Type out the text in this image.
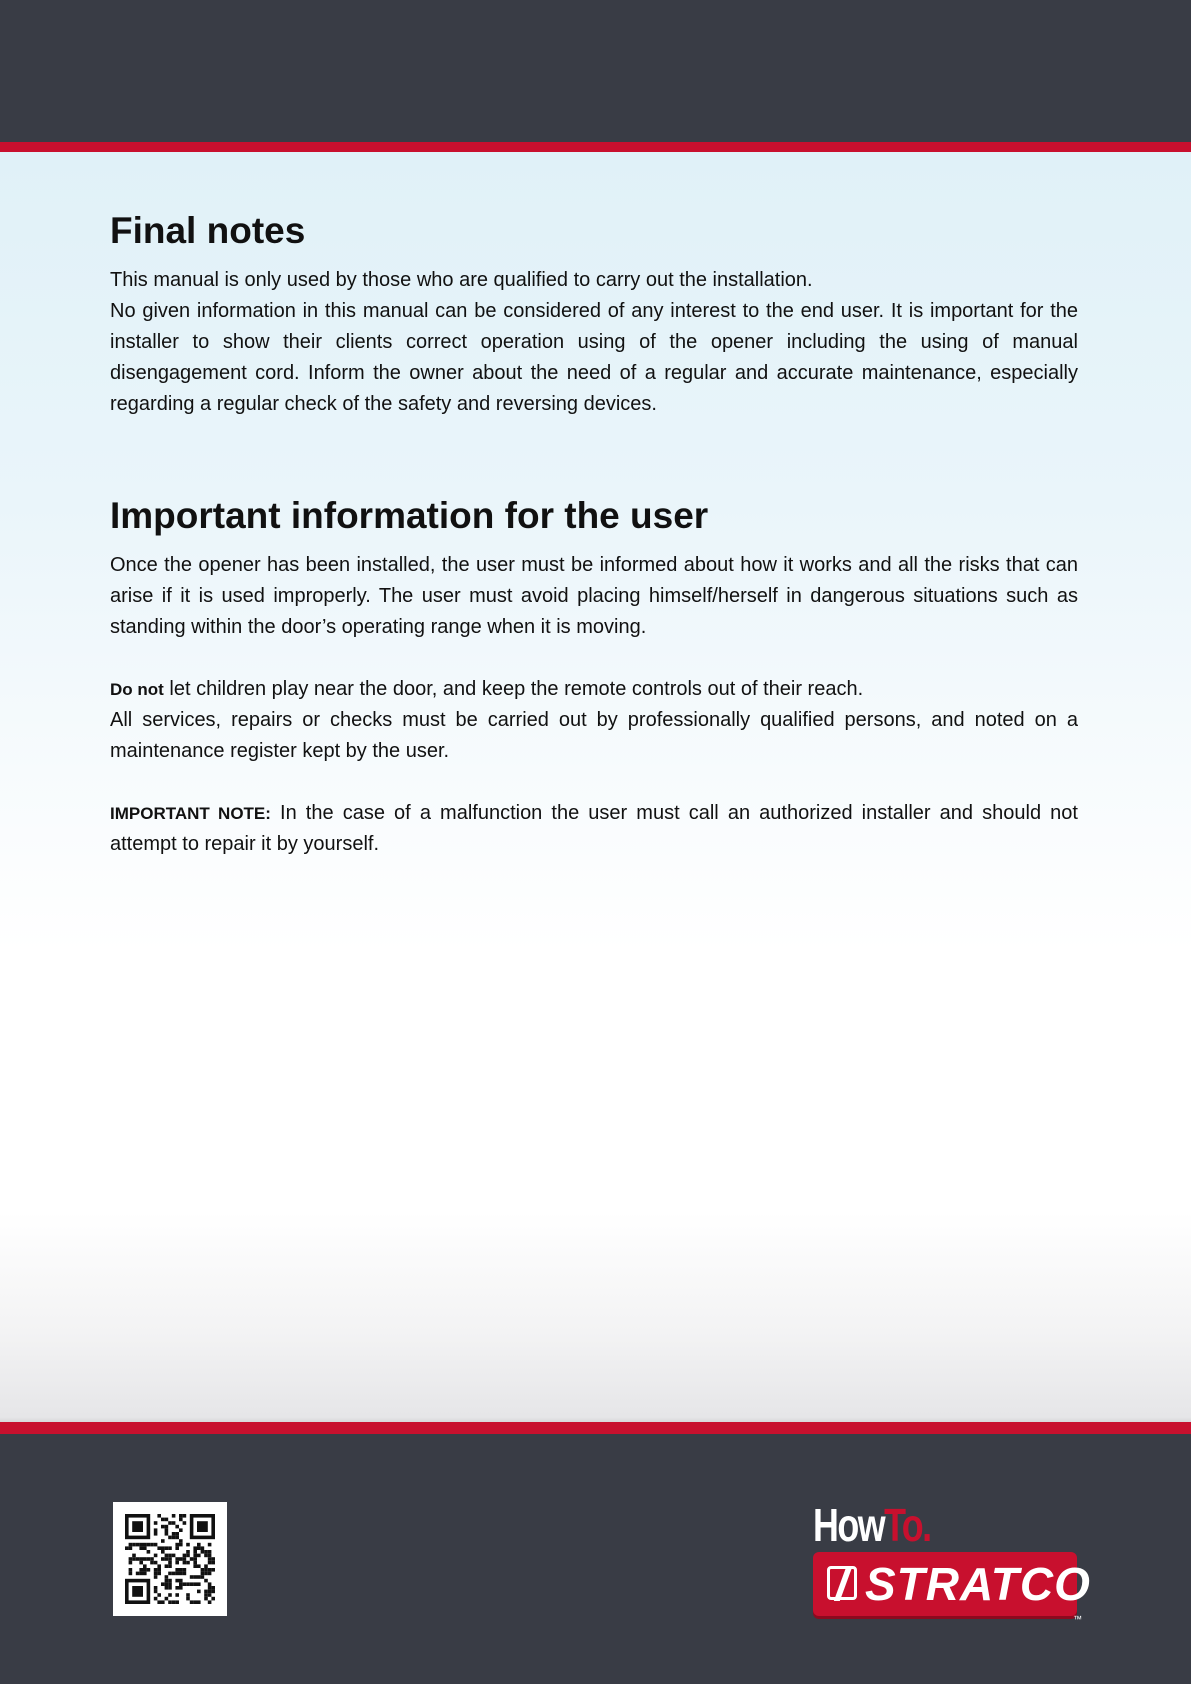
Final notes

This manual is only used by those who are qualified to carry out the installation.

No given information in this manual can be considered of any interest to the end user. It is important for the installer to show their clients correct operation using of the opener including the using of manual disengagement cord. Inform the owner about the need of a regular and accurate maintenance, especially regarding a regular check of the safety and reversing devices.

Important information for the user

Once the opener has been installed, the user must be informed about how it works and all the risks that can arise if it is used improperly. The user must avoid placing himself/herself in dangerous situations such as standing within the door’s operating range when it is moving.

Do not let children play near the door, and keep the remote controls out of their reach.

All services, repairs or checks must be carried out by professionally qualified persons, and noted on a maintenance register kept by the user.

IMPORTANT NOTE: In the case of a malfunction the user must call an authorized installer and should not attempt to repair it by yourself.

HowTo.
STRATCO
™
